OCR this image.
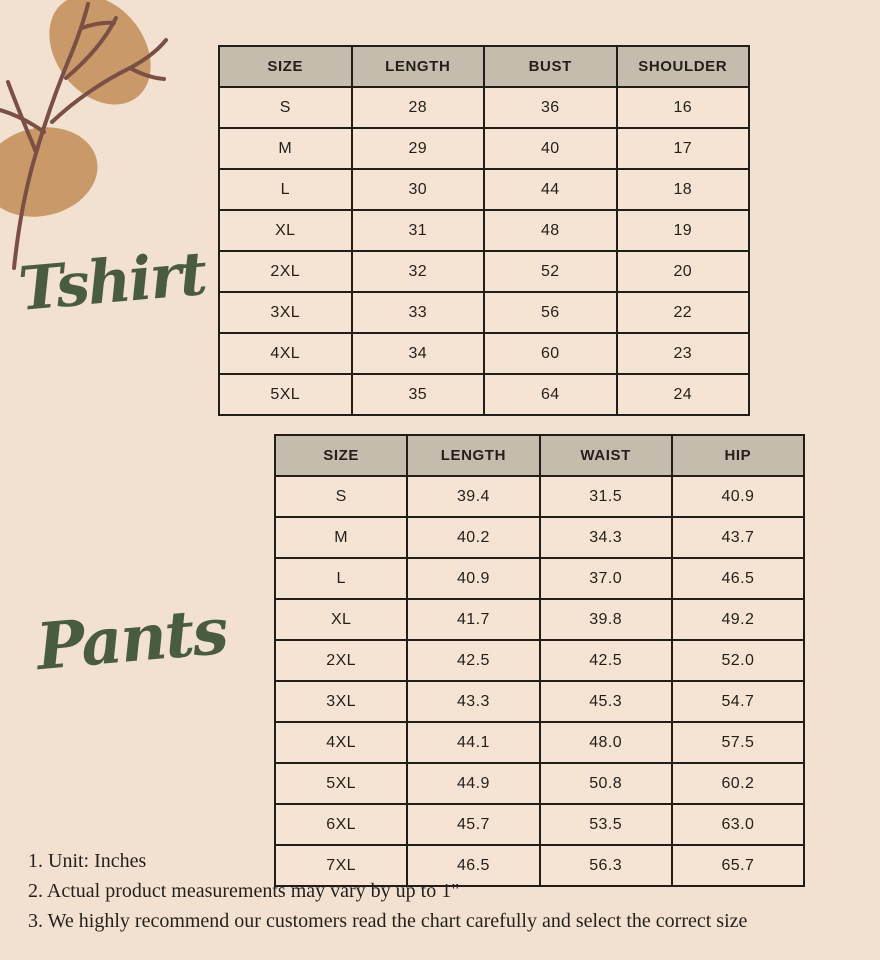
Tshirt
SIZE	LENGTH	BUST	SHOULDER
S	28	36	16
M	29	40	17
L	30	44	18
XL	31	48	19
2XL	32	52	20
3XL	33	56	22
4XL	34	60	23
5XL	35	64	24
Pants
SIZE	LENGTH	WAIST	HIP
S	39.4	31.5	40.9
M	40.2	34.3	43.7
L	40.9	37.0	46.5
XL	41.7	39.8	49.2
2XL	42.5	42.5	52.0
3XL	43.3	45.3	54.7
4XL	44.1	48.0	57.5
5XL	44.9	50.8	60.2
6XL	45.7	53.5	63.0
7XL	46.5	56.3	65.7
1. Unit: Inches
2. Actual product measurements may vary by up to 1"
3. We highly recommend our customers read the chart carefully and select the correct size
